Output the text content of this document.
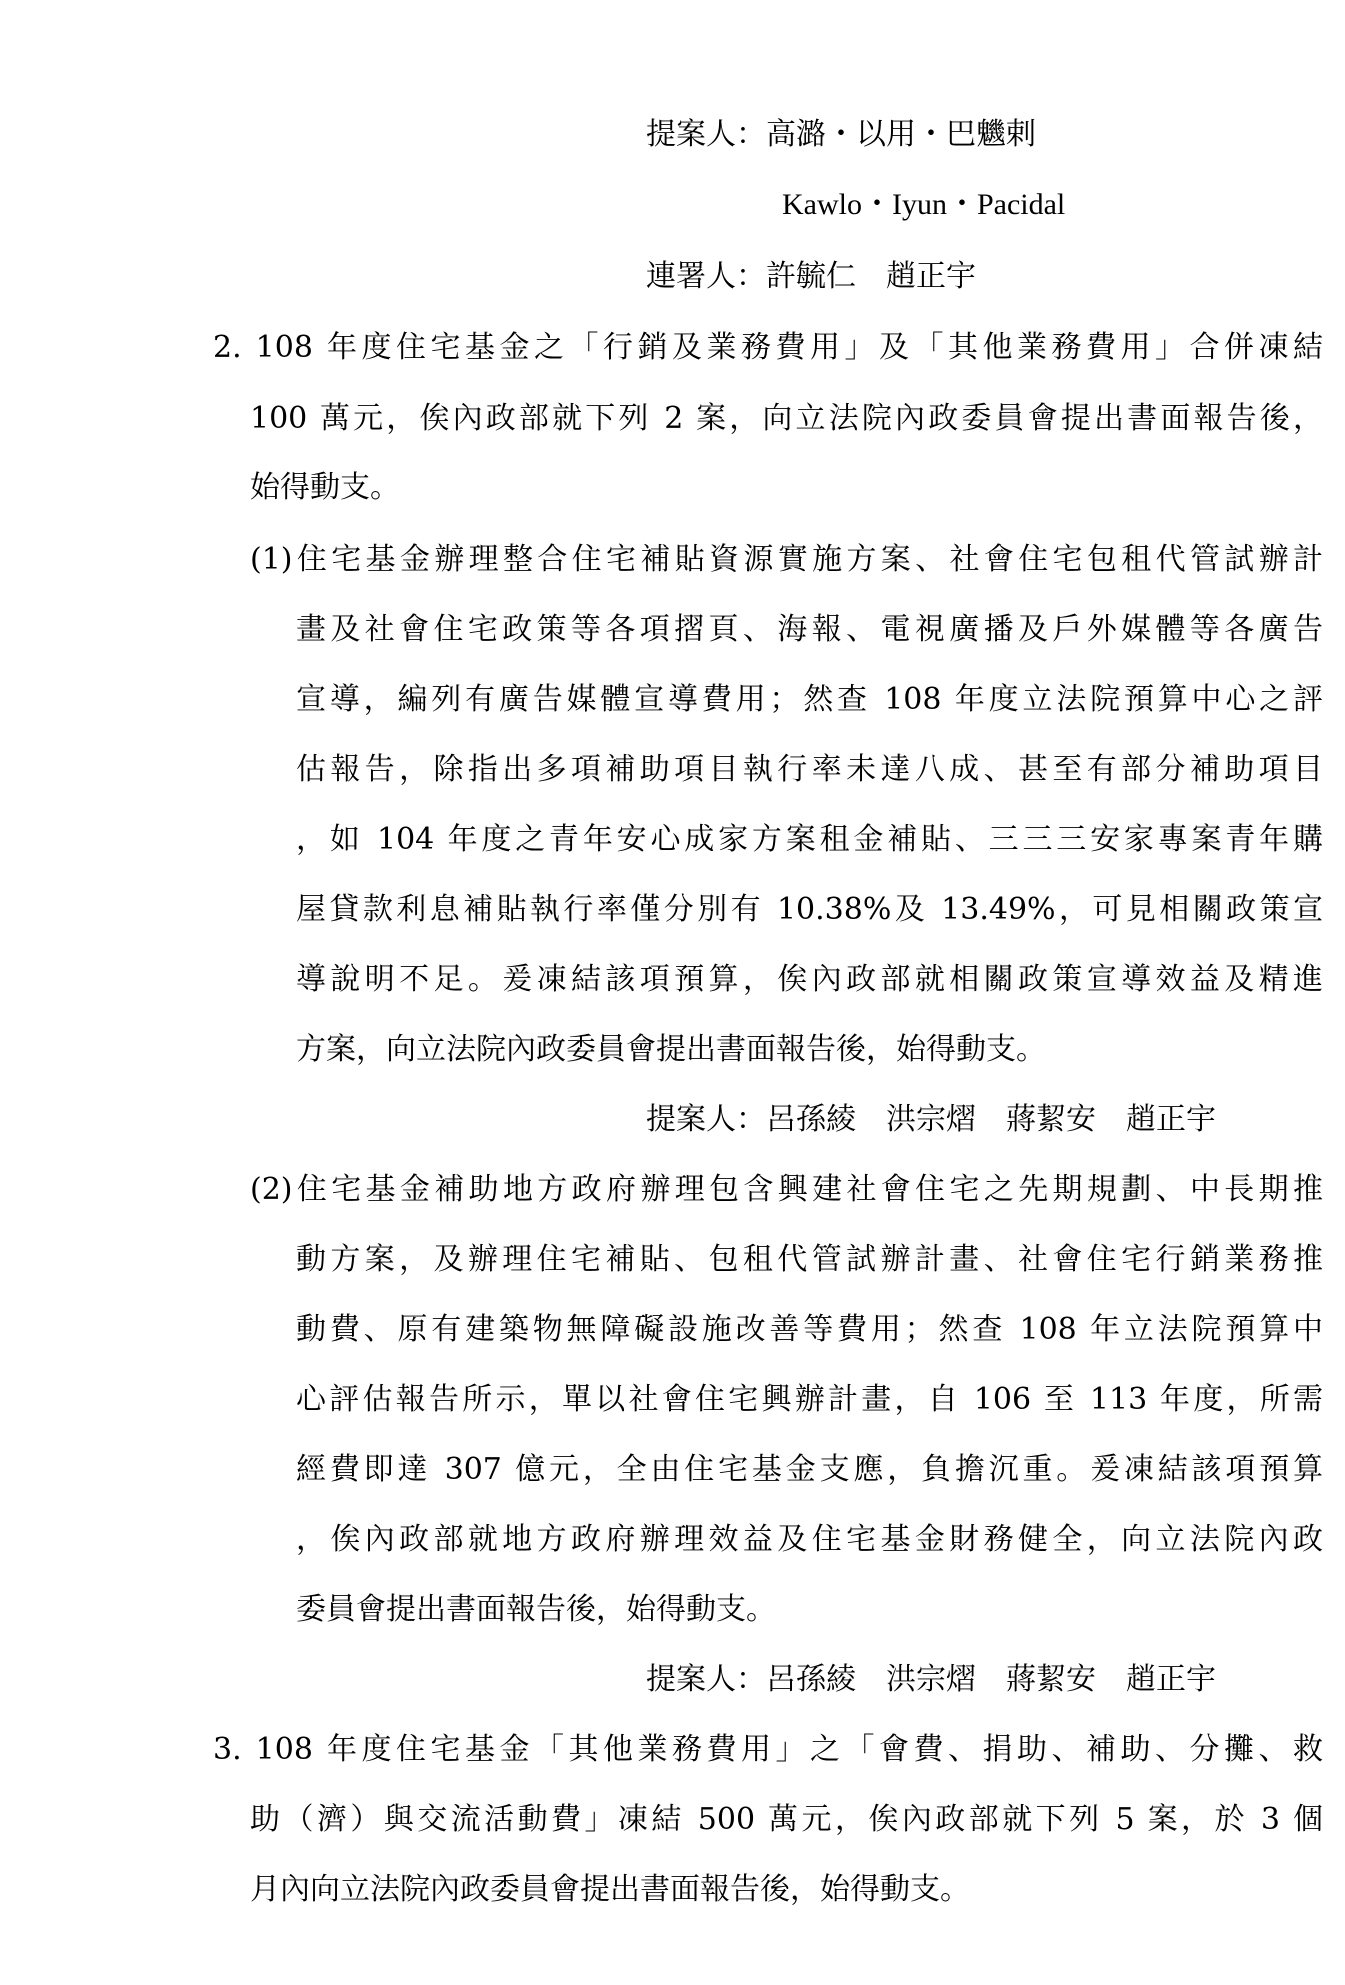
提案人：高潞・以用・巴魕剌
Kawlo・Iyun・Pacidal
連署人：許毓仁 趙正宇
2. 108 年度住宅基金之「行銷及業務費用」及「其他業務費用」合併凍結
100 萬元，俟內政部就下列 2 案，向立法院內政委員會提出書面報告後，
始得動支。
(1)住宅基金辦理整合住宅補貼資源實施方案、社會住宅包租代管試辦計
畫及社會住宅政策等各項摺頁、海報、電視廣播及戶外媒體等各廣告
宣導，編列有廣告媒體宣導費用；然查 108 年度立法院預算中心之評
估報告，除指出多項補助項目執行率未達八成、甚至有部分補助項目
，如 104 年度之青年安心成家方案租金補貼、三三三安家專案青年購
屋貸款利息補貼執行率僅分別有 10.38%及 13.49%，可見相關政策宣
導說明不足。爰凍結該項預算，俟內政部就相關政策宣導效益及精進
方案，向立法院內政委員會提出書面報告後，始得動支。
提案人：呂孫綾 洪宗熠 蔣絜安 趙正宇
(2)住宅基金補助地方政府辦理包含興建社會住宅之先期規劃、中長期推
動方案，及辦理住宅補貼、包租代管試辦計畫、社會住宅行銷業務推
動費、原有建築物無障礙設施改善等費用；然查 108 年立法院預算中
心評估報告所示，單以社會住宅興辦計畫，自 106 至 113 年度，所需
經費即達 307 億元，全由住宅基金支應，負擔沉重。爰凍結該項預算
，俟內政部就地方政府辦理效益及住宅基金財務健全，向立法院內政
委員會提出書面報告後，始得動支。
提案人：呂孫綾 洪宗熠 蔣絜安 趙正宇
3. 108 年度住宅基金「其他業務費用」之「會費、捐助、補助、分攤、救
助（濟）與交流活動費」凍結 500 萬元，俟內政部就下列 5 案，於 3 個
月內向立法院內政委員會提出書面報告後，始得動支。
